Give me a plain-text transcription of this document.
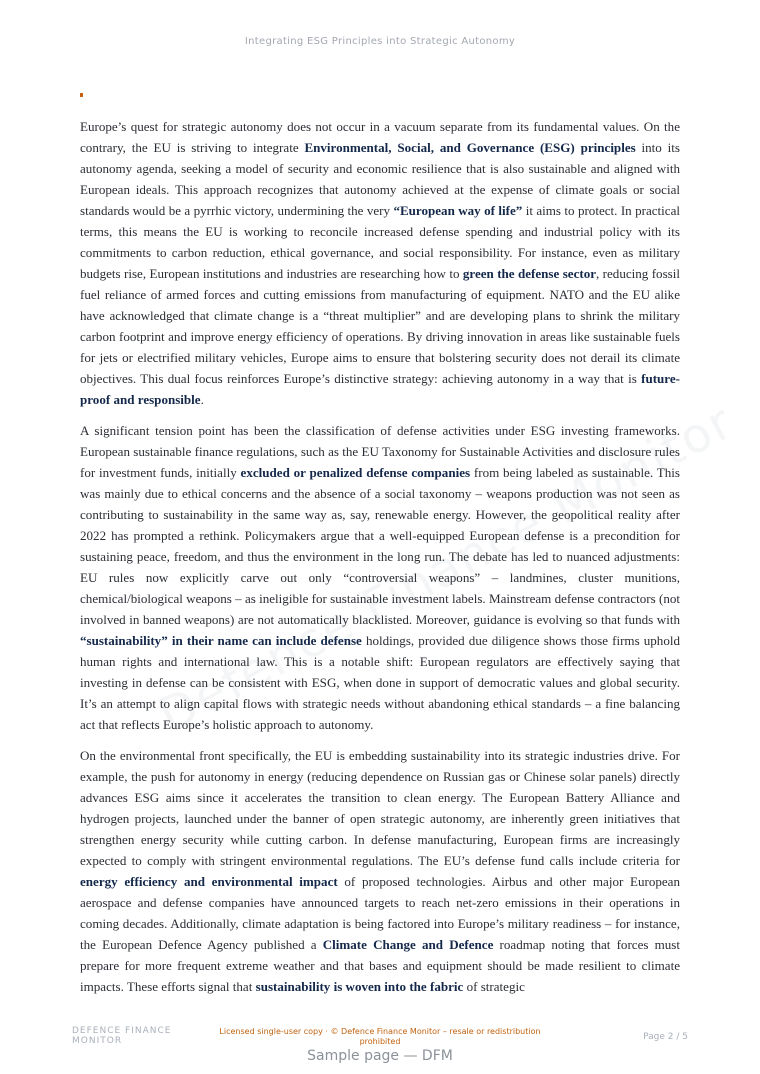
Integrating ESG Principles into Strategic Autonomy

Europe’s quest for strategic autonomy does not occur in a vacuum separate from its fundamental values. On the contrary, the EU is striving to integrate Environmental, Social, and Governance (ESG) principles into its autonomy agenda, seeking a model of security and economic resilience that is also sustainable and aligned with European ideals. This approach recognizes that autonomy achieved at the expense of climate goals or social standards would be a pyrrhic victory, undermining the very “European way of life” it aims to protect. In practical terms, this means the EU is working to reconcile increased defense spending and industrial policy with its commitments to carbon reduction, ethical governance, and social responsibility. For instance, even as military budgets rise, European institutions and industries are researching how to green the defense sector, reducing fossil fuel reliance of armed forces and cutting emissions from manufacturing of equipment. NATO and the EU alike have acknowledged that climate change is a “threat multiplier” and are developing plans to shrink the military carbon footprint and improve energy efficiency of operations. By driving innovation in areas like sustainable fuels for jets or electrified military vehicles, Europe aims to ensure that bolstering security does not derail its climate objectives. This dual focus reinforces Europe’s distinctive strategy: achieving autonomy in a way that is future-proof and responsible.

A significant tension point has been the classification of defense activities under ESG investing frameworks. European sustainable finance regulations, such as the EU Taxonomy for Sustainable Activities and disclosure rules for investment funds, initially excluded or penalized defense companies from being labeled as sustainable. This was mainly due to ethical concerns and the absence of a social taxonomy – weapons production was not seen as contributing to sustainability in the same way as, say, renewable energy. However, the geopolitical reality after 2022 has prompted a rethink. Policymakers argue that a well-equipped European defense is a precondition for sustaining peace, freedom, and thus the environment in the long run. The debate has led to nuanced adjustments: EU rules now explicitly carve out only “controversial weapons” – landmines, cluster munitions, chemical/biological weapons – as ineligible for sustainable investment labels. Mainstream defense contractors (not involved in banned weapons) are not automatically blacklisted. Moreover, guidance is evolving so that funds with “sustainability” in their name can include defense holdings, provided due diligence shows those firms uphold human rights and international law. This is a notable shift: European regulators are effectively saying that investing in defense can be consistent with ESG, when done in support of democratic values and global security. It’s an attempt to align capital flows with strategic needs without abandoning ethical standards – a fine balancing act that reflects Europe’s holistic approach to autonomy.

On the environmental front specifically, the EU is embedding sustainability into its strategic industries drive. For example, the push for autonomy in energy (reducing dependence on Russian gas or Chinese solar panels) directly advances ESG aims since it accelerates the transition to clean energy. The European Battery Alliance and hydrogen projects, launched under the banner of open strategic autonomy, are inherently green initiatives that strengthen energy security while cutting carbon. In defense manufacturing, European firms are increasingly expected to comply with stringent environmental regulations. The EU’s defense fund calls include criteria for energy efficiency and environmental impact of proposed technologies. Airbus and other major European aerospace and defense companies have announced targets to reach net-zero emissions in their operations in coming decades. Additionally, climate adaptation is being factored into Europe’s military readiness – for instance, the European Defence Agency published a Climate Change and Defence roadmap noting that forces must prepare for more frequent extreme weather and that bases and equipment should be made resilient to climate impacts. These efforts signal that sustainability is woven into the fabric of strategic

DEFENCE FINANCE
MONITOR
Licensed single-user copy · © Defence Finance Monitor – resale or redistribution
prohibited	Page 2 / 5
Sample page — DFM
